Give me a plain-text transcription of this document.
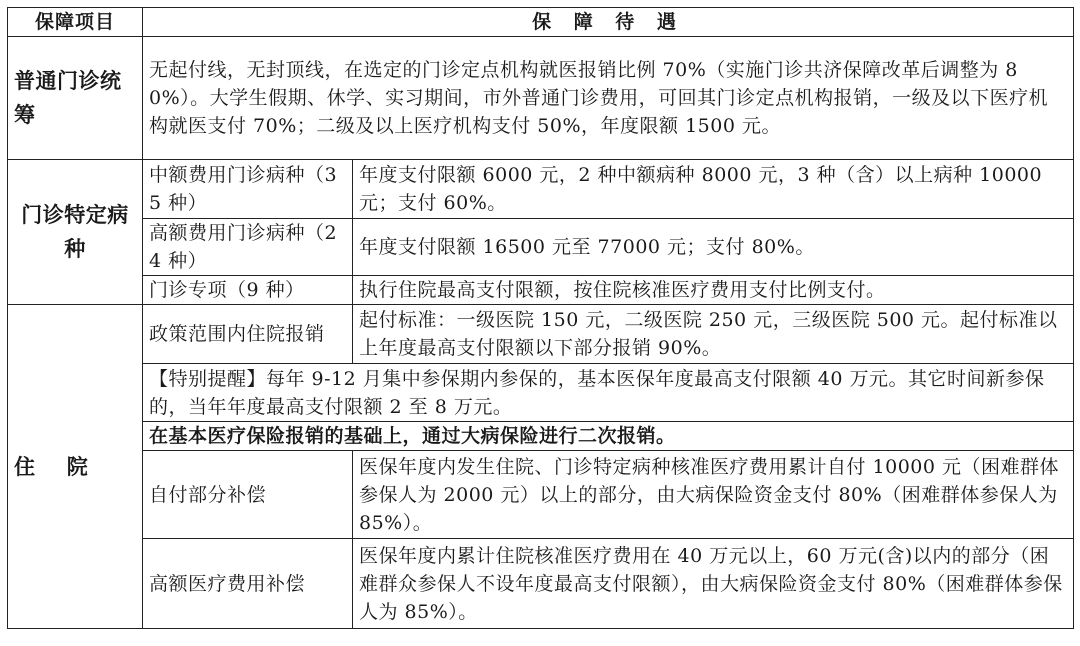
保障项目	保 障 待 遇	
普通门诊统筹	无起付线，无封顶线，在选定的门诊定点机构就医报销比例 70%（实施门诊共济保障改革后调整为 80%）。大学生假期、休学、实习期间，市外普通门诊费用，可回其门诊定点机构报销，一级及以下医疗机构就医支付 70%；二级及以上医疗机构支付 50%，年度限额 1500 元。	
门诊特定病种	中额费用门诊病种（35 种）	年度支付限额 6000 元，2 种中额病种 8000 元，3 种（含）以上病种 10000 元；支付 60%。
	高额费用门诊病种（24 种）	年度支付限额 16500 元至 77000 元；支付 80%。
	门诊专项（9 种）	执行住院最高支付限额，按住院核准医疗费用支付比例支付。
住    院	政策范围内住院报销	起付标准：一级医院 150 元，二级医院 250 元，三级医院 500 元。起付标准以上年度最高支付限额以下部分报销 90%。
	【特别提醒】每年 9-12 月集中参保期内参保的，基本医保年度最高支付限额 40 万元。其它时间新参保的，当年年度最高支付限额 2 至 8 万元。	
	在基本医疗保险报销的基础上，通过大病保险进行二次报销。	
	自付部分补偿	医保年度内发生住院、门诊特定病种核准医疗费用累计自付 10000 元（困难群体参保人为 2000 元）以上的部分，由大病保险资金支付 80%（困难群体参保人为 85%）。
	高额医疗费用补偿	医保年度内累计住院核准医疗费用在 40 万元以上，60 万元(含)以内的部分（困难群众参保人不设年度最高支付限额），由大病保险资金支付 80%（困难群体参保人为 85%）。
